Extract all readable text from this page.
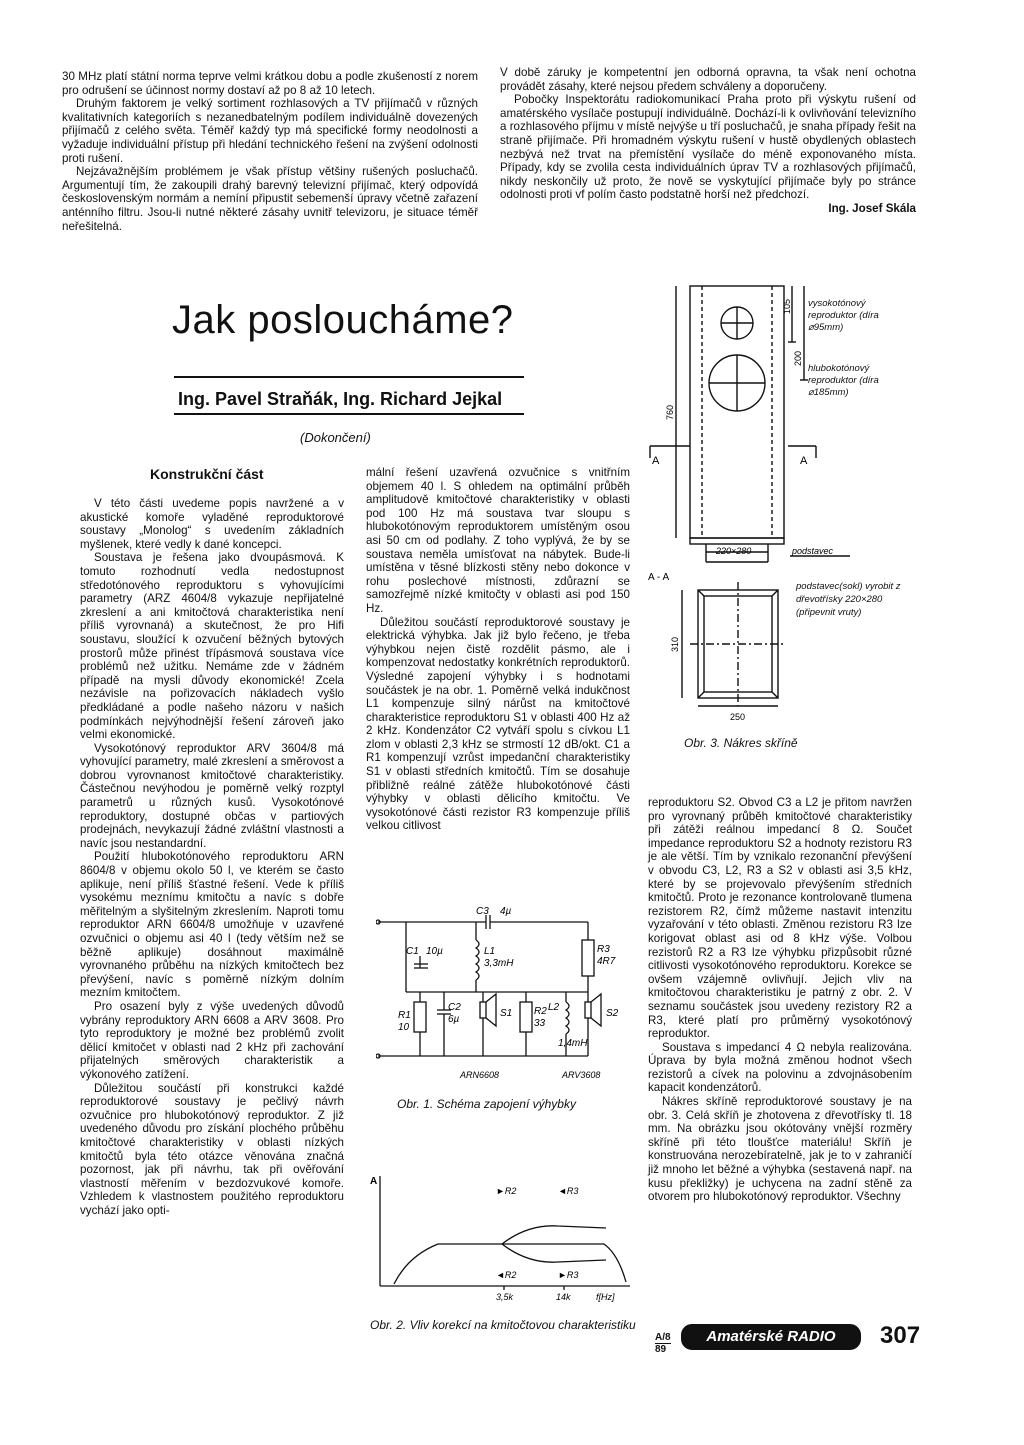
30 MHz platí státní norma teprve velmi krátkou dobu a podle zkušeností z norem pro odrušení se účinnost normy dostaví až po 8 až 10 letech.

Druhým faktorem je velký sortiment rozhlasových a TV přijímačů v různých kvalitativních kategoriích s nezanedbatelným podílem individuálně dovezených přijímačů z celého světa. Téměř každý typ má specifické formy neodolnosti a vyžaduje individuální přístup při hledání technického řešení na zvýšení odolnosti proti rušení.

Nejzávažnějším problémem je však přístup většiny rušených posluchačů. Argumentují tím, že zakoupili drahý barevný televizní přijímač, který odpovídá československým normám a nemíní připustit sebemenší úpravy včetně zařazení anténního filtru. Jsou-li nutné některé zásahy uvnitř televizoru, je situace téměř neřešitelná.

V době záruky je kompetentní jen odborná opravna, ta však není ochotna provádět zásahy, které nejsou předem schváleny a doporučeny.

Pobočky Inspektorátu radiokomunikací Praha proto při výskytu rušení od amatérského vysílače postupují individuálně. Dochází-li k ovlivňování televizního a rozhlasového příjmu v místě nejvýše u tří posluchačů, je snaha případy řešit na straně přijímače. Při hromadném výskytu rušení v hustě obydlených oblastech nezbývá než trvat na přemístění vysílače do méně exponovaného místa. Případy, kdy se zvolila cesta individuálních úprav TV a rozhlasových přijímačů, nikdy neskončily už proto, že nově se vyskytující přijímače byly po stránce odolnosti proti vf polím často podstatně horší než předchozí.

Ing. Josef Skála
Jak posloucháme?
Ing. Pavel Straňák, Ing. Richard Jejkal
(Dokončení)
Konstrukční část

V této části uvedeme popis navržené a v akustické komoře vyladěné reproduktorové soustavy „Monolog“ s uvedením základních myšlenek, které vedly k dané koncepci.

Soustava je řešena jako dvoupásmová. K tomuto rozhodnutí vedla nedostupnost středotónového reproduktoru s vyhovujícími parametry (ARZ 4604/8 vykazuje nepřijatelné zkreslení a ani kmitočtová charakteristika není příliš vyrovnaná) a skutečnost, že pro Hifi soustavu, sloužící k ozvučení běžných bytových prostorů může přinést třípásmová soustava více problémů než užitku. Nemáme zde v žádném případě na mysli důvody ekonomické! Zcela nezávisle na pořizovacích nákladech vyšlo předkládané a podle našeho názoru v našich podmínkách nejvýhodnější řešení zároveň jako velmi ekonomické.

Vysokotónový reproduktor ARV 3604/8 má vyhovující parametry, malé zkreslení a směrovost a dobrou vyrovnanost kmitočtové charakteristiky. Částečnou nevýhodou je poměrně velký rozptyl parametrů u různých kusů. Vysokotónové reproduktory, dostupné občas v partiových prodejnách, nevykazují žádné zvláštní vlastnosti a navíc jsou nestandardní.

Použití hlubokotónového reproduktoru ARN 8604/8 v objemu okolo 50 l, ve kterém se často aplikuje, není příliš šťastné řešení. Vede k příliš vysokému meznímu kmitočtu a navíc s dobře měřitelným a slyšitelným zkreslením. Naproti tomu reproduktor ARN 6604/8 umožňuje v uzavřené ozvučnici o objemu asi 40 l (tedy větším než se běžně aplikuje) dosáhnout maximálně vyrovnaného průběhu na nízkých kmitočtech bez převýšení, navíc s poměrně nízkým dolním mezním kmitočtem.

Pro osazení byly z výše uvedených důvodů vybrány reproduktory ARN 6608 a ARV 3608. Pro tyto reproduktory je možné bez problémů zvolit dělicí kmitočet v oblasti nad 2 kHz při zachování přijatelných směrových charakteristik a výkonového zatížení.

Důležitou součástí při konstrukci každé reproduktorové soustavy je pečlivý návrh ozvučnice pro hlubokotónový reproduktor. Z již uvedeného důvodu pro získání plochého průběhu kmitočtové charakteristiky v oblasti nízkých kmitočtů byla této otázce věnována značná pozornost, jak při návrhu, tak při ověřování vlastností měřením v bezdozvukové komoře. Vzhledem k vlastnostem použitého reproduktoru vychází jako opti-

mální řešení uzavřená ozvučnice s vnitřním objemem 40 l. S ohledem na optimální průběh amplitudově kmitočtové charakteristiky v oblasti pod 100 Hz má soustava tvar sloupu s hlubokotónovým reproduktorem umístěným osou asi 50 cm od podlahy. Z toho vyplývá, že by se soustava neměla umísťovat na nábytek. Bude-li umístěna v těsné blízkosti stěny nebo dokonce v rohu poslechové místnosti, zdůrazní se samozřejmě nízké kmitočty v oblasti asi pod 150 Hz.

Důležitou součástí reproduktorové soustavy je elektrická výhybka. Jak již bylo řečeno, je třeba výhybkou nejen čistě rozdělit pásmo, ale i kompenzovat nedostatky konkrétních reproduktorů. Výsledné zapojení výhybky i s hodnotami součástek je na obr. 1. Poměrně velká indukčnost L1 kompenzuje silný nárůst na kmitočtové charakteristice reproduktoru S1 v oblasti 400 Hz až 2 kHz. Kondenzátor C2 vytváří spolu s cívkou L1 zlom v oblasti 2,3 kHz se strmostí 12 dB/okt. C1 a R1 kompenzují vzrůst impedanční charakteristiky S1 v oblasti středních kmitočtů. Tím se dosahuje přibližně reálné zátěže hlubokotónové části výhybky v oblasti dělicího kmitočtu. Ve vysokotónové části rezistor R3 kompenzuje příliš velkou citlivost

reproduktoru S2. Obvod C3 a L2 je přitom navržen pro vyrovnaný průběh kmitočtové charakteristiky při zátěži reálnou impedancí 8 Ω. Součet impedance reproduktoru S2 a hodnoty rezistoru R3 je ale větší. Tím by vznikalo rezonanční převýšení v obvodu C3, L2, R3 a S2 v oblasti asi 3,5 kHz, které by se projevovalo převýšením středních kmitočtů. Proto je rezonance kontrolovaně tlumena rezistorem R2, čímž můžeme nastavit intenzitu vyzařování v této oblasti. Změnou rezistoru R3 lze korigovat oblast asi od 8 kHz výše. Volbou rezistorů R2 a R3 lze výhybku přizpůsobit různé citlivosti vysokotónového reproduktoru. Korekce se ovšem vzájemně ovlivňují. Jejich vliv na kmitočtovou charakteristiku je patrný z obr. 2. V seznamu součástek jsou uvedeny rezistory R2 a R3, které platí pro průměrný vysokotónový reproduktor.

Soustava s impedancí 4 Ω nebyla realizována. Úprava by byla možná změnou hodnot všech rezistorů a cívek na polovinu a zdvojnásobením kapacit kondenzátorů.

Nákres skříně reproduktorové soustavy je na obr. 3. Celá skříň je zhotovena z dřevotřísky tl. 18 mm. Na obrázku jsou okótovány vnější rozměry skříně při této tloušťce materiálu! Skříň je konstruována nerozebíratelně, jak je to v zahraničí již mnoho let běžné a výhybka (sestavená např. na kusu překližky) je uchycena na zadní stěně za otvorem pro hlubokotónový reproduktor. Všechny

A	A
105
200
760
220×280	podstavec
A - A
310
250
vysokotónový reproduktor (díra ⌀95mm)
hlubokotónový reproduktor (díra ⌀185mm)
podstavec(sokl) vyrobit z dřevotřísky 220×280 (připevnit vruty)
Obr. 3. Nákres skříně
C3 4µ
L1
3,3mH
R3
4R7
C1 10µ
R1
10
C2
6µ
S1 R2
33
L2
1,4mH
S2
ARN6608	ARV3608
Obr. 1. Schéma zapojení výhybky
A
►R2	◄R3
◄R2	►R3
3,5k	14k	f[Hz]
Obr. 2. Vliv korekcí na kmitočtovou charakteristiku
A/8
89
Amatérské RADIO	307
